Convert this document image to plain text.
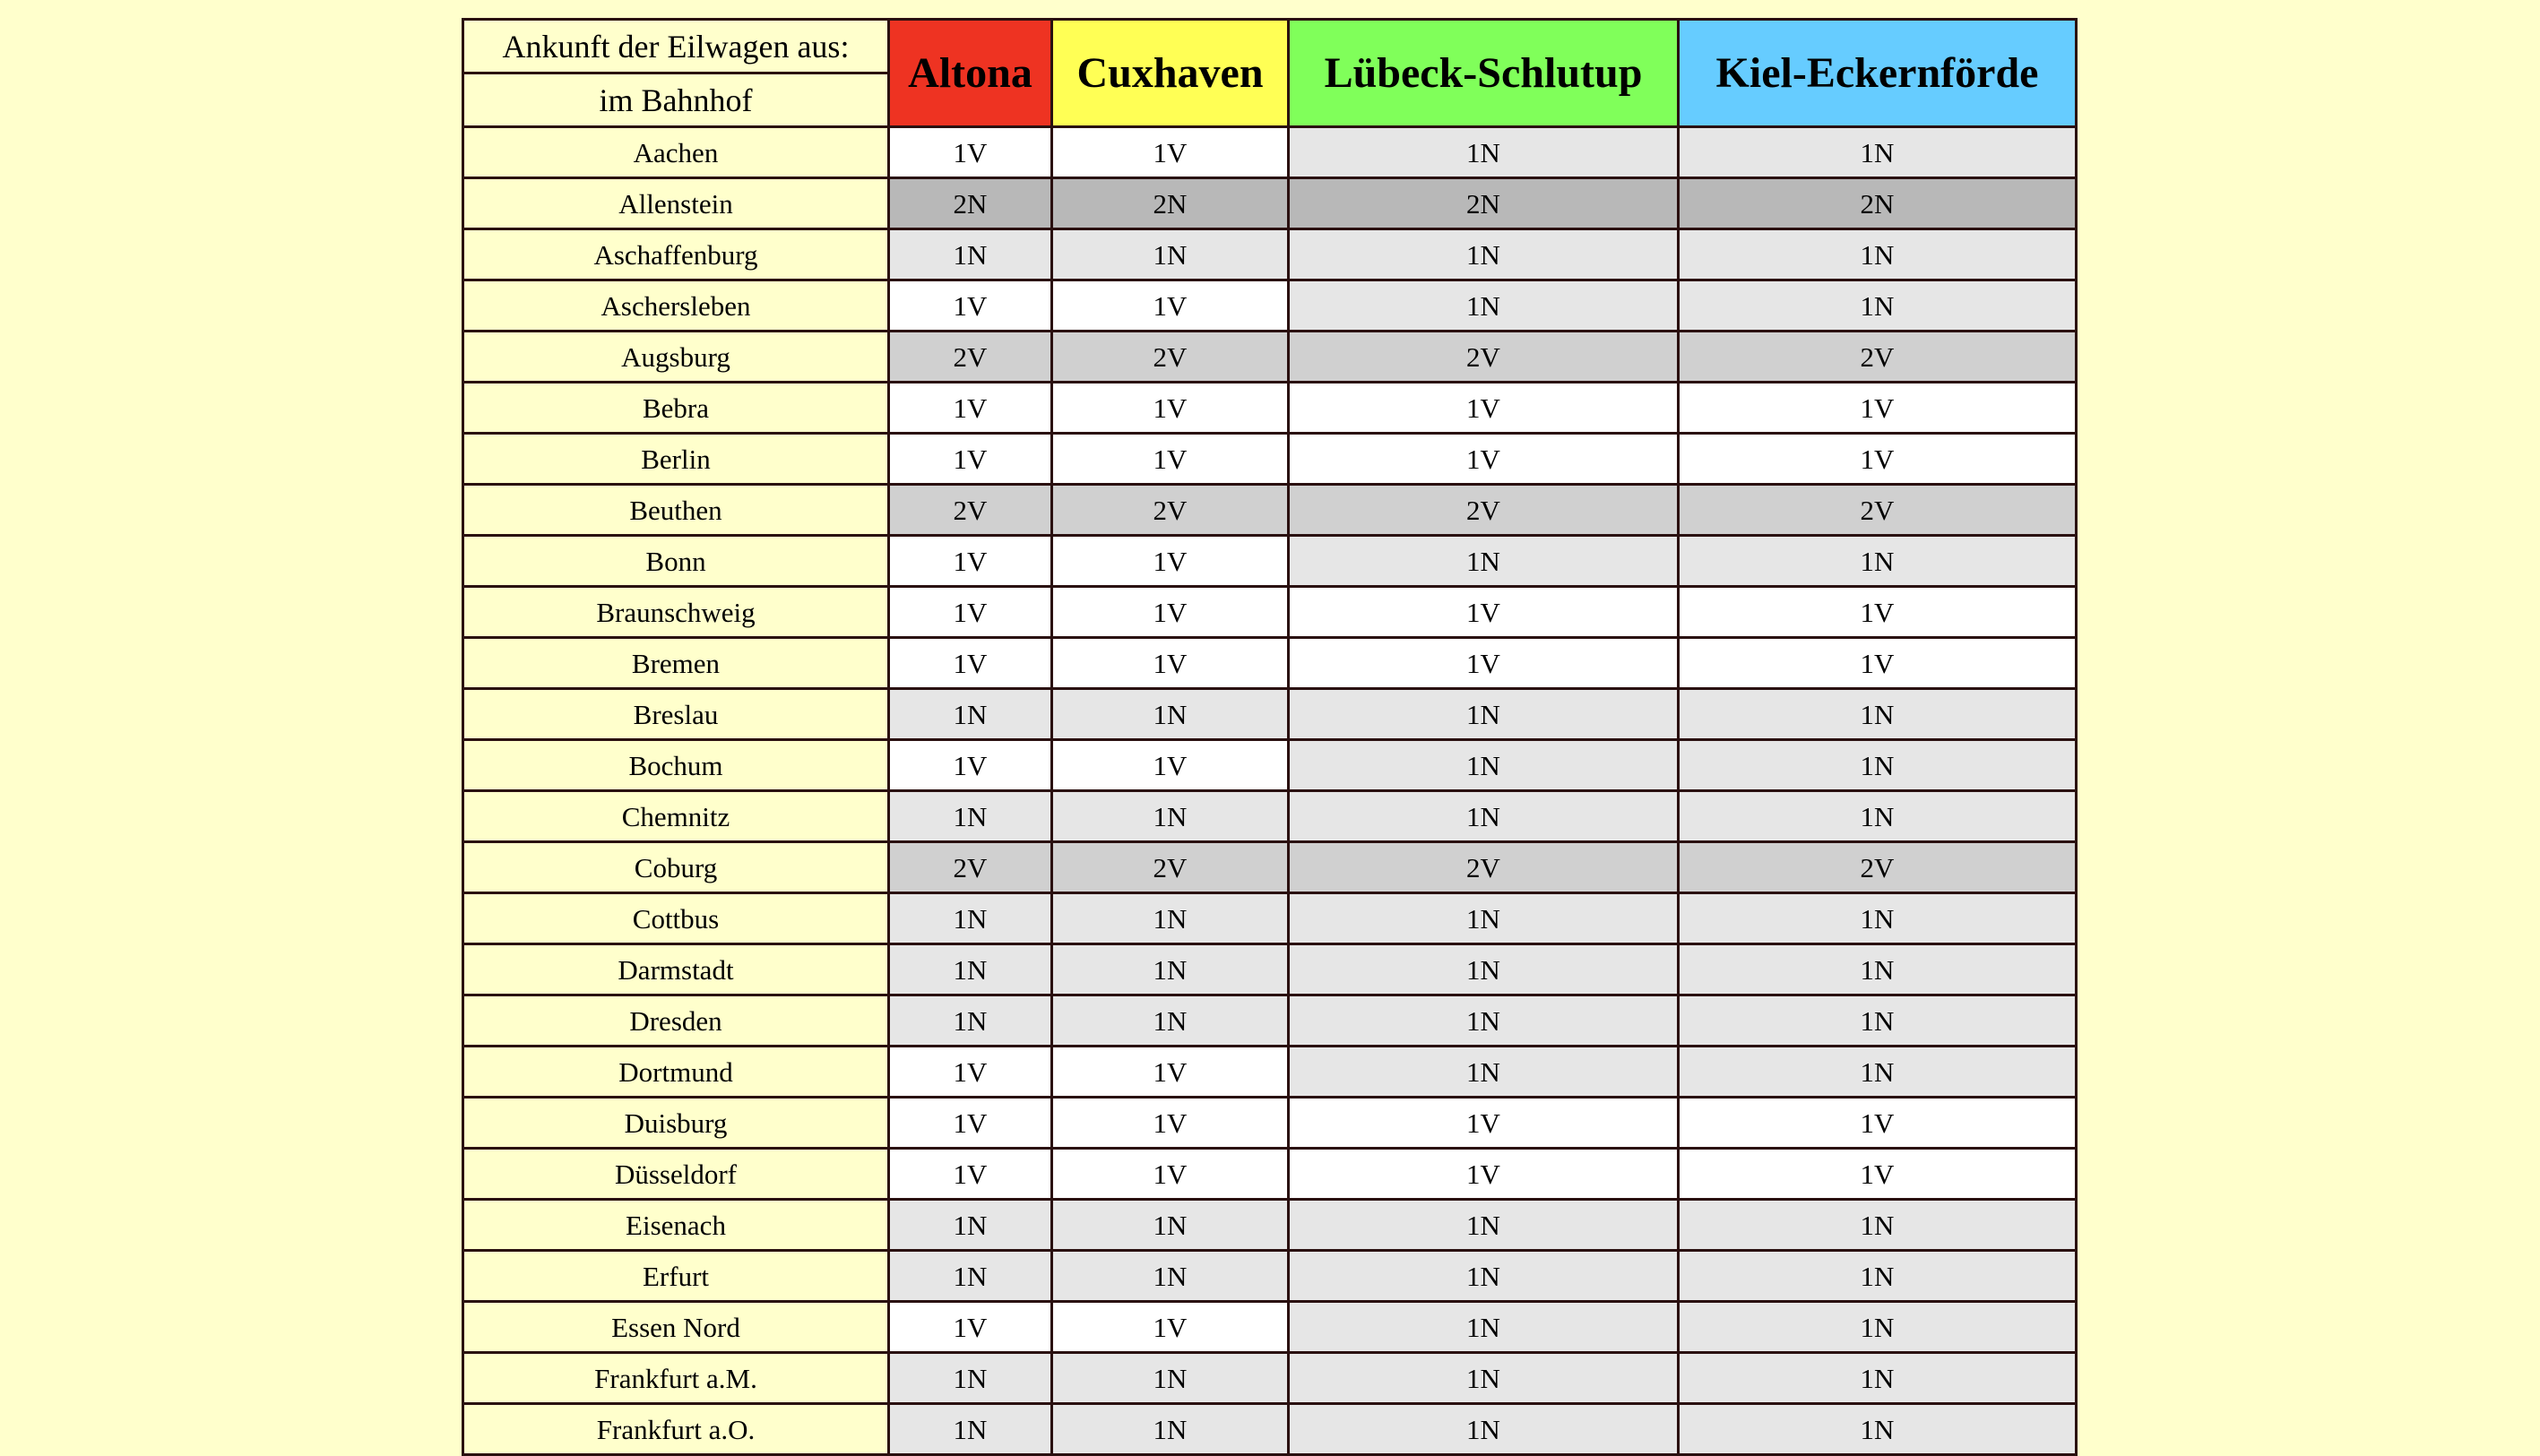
Ankunft der Eilwagen aus:	Altona	Cuxhaven	Lübeck-Schlutup	Kiel-Eckernförde
im Bahnhof				
Aachen	1V	1V	1N	1N
Allenstein	2N	2N	2N	2N
Aschaffenburg	1N	1N	1N	1N
Aschersleben	1V	1V	1N	1N
Augsburg	2V	2V	2V	2V
Bebra	1V	1V	1V	1V
Berlin	1V	1V	1V	1V
Beuthen	2V	2V	2V	2V
Bonn	1V	1V	1N	1N
Braunschweig	1V	1V	1V	1V
Bremen	1V	1V	1V	1V
Breslau	1N	1N	1N	1N
Bochum	1V	1V	1N	1N
Chemnitz	1N	1N	1N	1N
Coburg	2V	2V	2V	2V
Cottbus	1N	1N	1N	1N
Darmstadt	1N	1N	1N	1N
Dresden	1N	1N	1N	1N
Dortmund	1V	1V	1N	1N
Duisburg	1V	1V	1V	1V
Düsseldorf	1V	1V	1V	1V
Eisenach	1N	1N	1N	1N
Erfurt	1N	1N	1N	1N
Essen Nord	1V	1V	1N	1N
Frankfurt a.M.	1N	1N	1N	1N
Frankfurt a.O.	1N	1N	1N	1N
